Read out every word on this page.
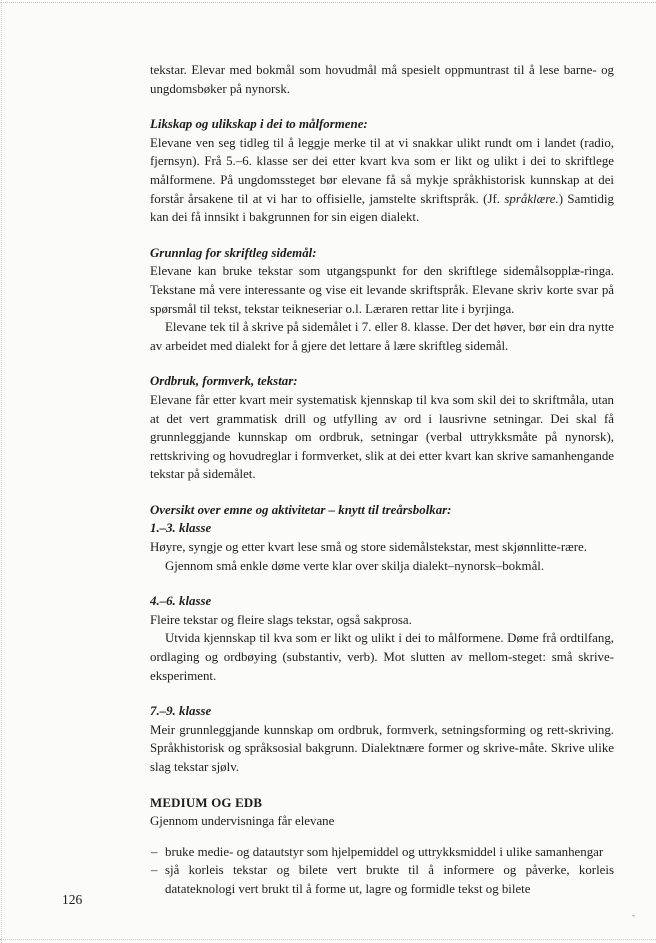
tekstar. Elevar med bokmål som hovudmål må spesielt oppmuntrast til å lese barne- og ungdomsbøker på nynorsk.

Likskap og ulikskap i dei to målformene:

Elevane ven seg tidleg til å leggje merke til at vi snakkar ulikt rundt om i landet (radio, fjernsyn). Frå 5.–6. klasse ser dei etter kvart kva som er likt og ulikt i dei to skriftlege målformene. På ungdomssteget bør elevane få så mykje språkhistorisk kunnskap at dei forstår årsakene til at vi har to offisielle, jamstelte skriftspråk. (Jf. språklære.) Samtidig kan dei få innsikt i bakgrunnen for sin eigen dialekt.

Grunnlag for skriftleg sidemål:

Elevane kan bruke tekstar som utgangspunkt for den skriftlege sidemålsopplæ-ringa. Tekstane må vere interessante og vise eit levande skriftspråk. Elevane skriv korte svar på spørsmål til tekst, tekstar teikneseriar o.l. Læraren rettar lite i byrjinga.

Elevane tek til å skrive på sidemålet i 7. eller 8. klasse. Der det høver, bør ein dra nytte av arbeidet med dialekt for å gjere det lettare å lære skriftleg sidemål.

Ordbruk, formverk, tekstar:

Elevane får etter kvart meir systematisk kjennskap til kva som skil dei to skriftmåla, utan at det vert grammatisk drill og utfylling av ord i lausrivne setningar. Dei skal få grunnleggjande kunnskap om ordbruk, setningar (verbal uttrykksmåte på nynorsk), rettskriving og hovudreglar i formverket, slik at dei etter kvart kan skrive samanhengande tekstar på sidemålet.

Oversikt over emne og aktivitetar – knytt til treårsbolkar:
1.–3. klasse

Høyre, syngje og etter kvart lese små og store sidemålstekstar, mest skjønnlitte-rære.

Gjennom små enkle døme verte klar over skilja dialekt–nynorsk–bokmål.

4.–6. klasse

Fleire tekstar og fleire slags tekstar, også sakprosa.

Utvida kjennskap til kva som er likt og ulikt i dei to målformene. Døme frå ordtilfang, ordlaging og ordbøying (substantiv, verb). Mot slutten av mellom-steget: små skrive-eksperiment.

7.–9. klasse

Meir grunnleggjande kunnskap om ordbruk, formverk, setningsforming og rett-skriving. Språkhistorisk og språksosial bakgrunn. Dialektnære former og skrive-måte. Skrive ulike slag tekstar sjølv.

MEDIUM OG EDB

Gjennom undervisninga får elevane

– bruke medie- og datautstyr som hjelpemiddel og uttrykksmiddel i ulike samanhengar
– sjå korleis tekstar og bilete vert brukte til å informere og påverke, korleis datateknologi vert brukt til å forme ut, lagre og formidle tekst og bilete
126
-
